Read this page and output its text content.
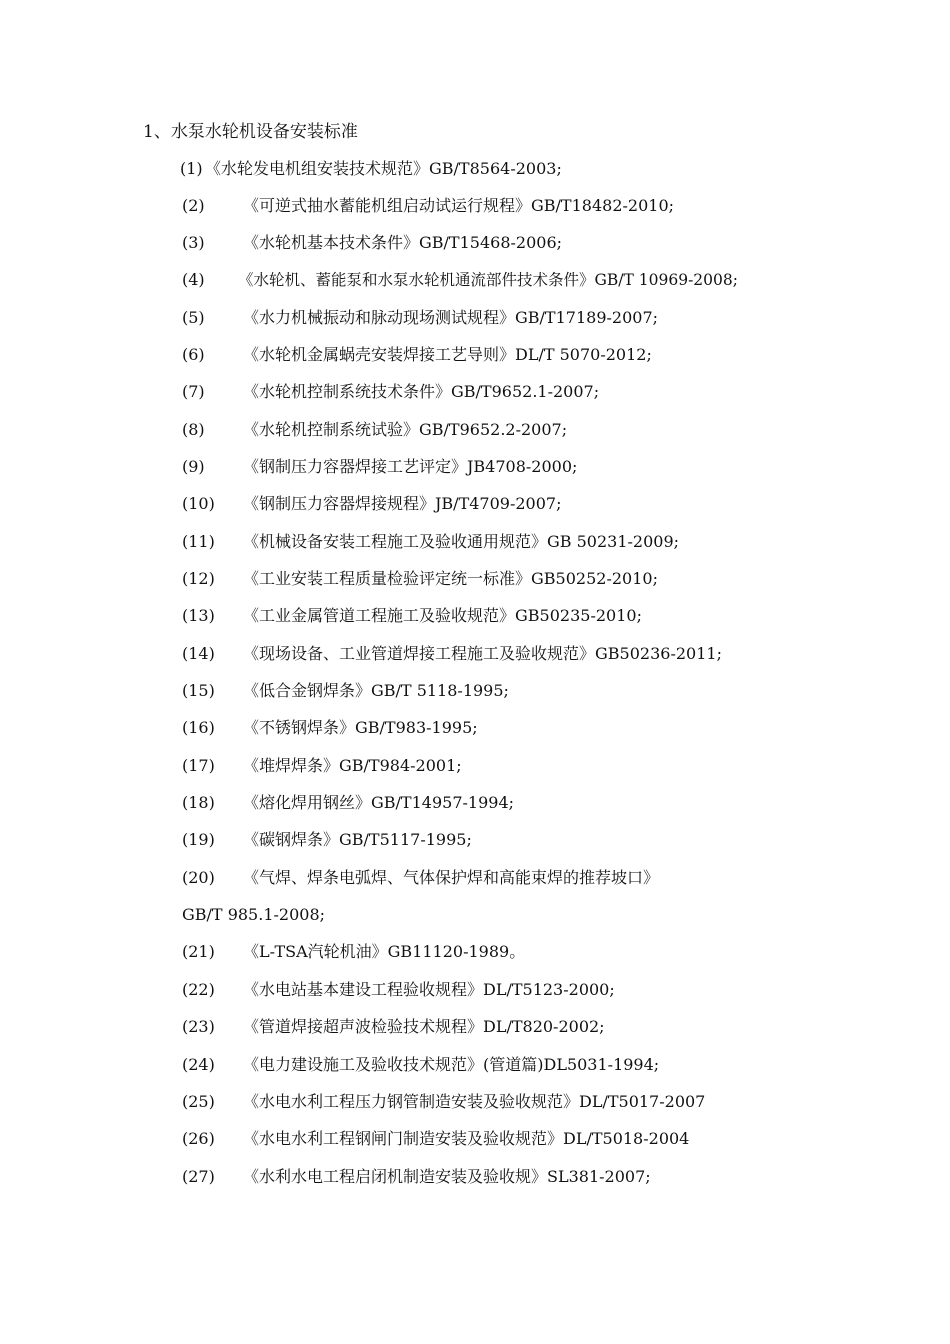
1、水泵水轮机设备安装标准
(1) 《水轮发电机组安装技术规范》GB/T8564-2003;
(2) 《可逆式抽水蓄能机组启动试运行规程》GB/T18482-2010;
(3) 《水轮机基本技术条件》GB/T15468-2006;
(4) 《水轮机、蓄能泵和水泵水轮机通流部件技术条件》GB/T 10969-2008;
(5) 《水力机械振动和脉动现场测试规程》GB/T17189-2007;
(6) 《水轮机金属蜗壳安装焊接工艺导则》DL/T 5070-2012;
(7) 《水轮机控制系统技术条件》GB/T9652.1-2007;
(8) 《水轮机控制系统试验》GB/T9652.2-2007;
(9) 《钢制压力容器焊接工艺评定》JB4708-2000;
(10) 《钢制压力容器焊接规程》JB/T4709-2007;
(11) 《机械设备安装工程施工及验收通用规范》GB 50231-2009;
(12) 《工业安装工程质量检验评定统一标准》GB50252-2010;
(13) 《工业金属管道工程施工及验收规范》GB50235-2010;
(14) 《现场设备、工业管道焊接工程施工及验收规范》GB50236-2011;
(15) 《低合金钢焊条》GB/T 5118-1995;
(16) 《不锈钢焊条》GB/T983-1995;
(17) 《堆焊焊条》GB/T984-2001;
(18) 《熔化焊用钢丝》GB/T14957-1994;
(19) 《碳钢焊条》GB/T5117-1995;
(20) 《气焊、焊条电弧焊、气体保护焊和高能束焊的推荐坡口》
GB/T 985.1-2008;
(21) 《L-TSA汽轮机油》GB11120-1989。
(22) 《水电站基本建设工程验收规程》DL/T5123-2000;
(23) 《管道焊接超声波检验技术规程》DL/T820-2002;
(24) 《电力建设施工及验收技术规范》(管道篇)DL5031-1994;
(25) 《水电水利工程压力钢管制造安装及验收规范》DL/T5017-2007
(26) 《水电水利工程钢闸门制造安装及验收规范》DL/T5018-2004
(27) 《水利水电工程启闭机制造安装及验收规》SL381-2007;
